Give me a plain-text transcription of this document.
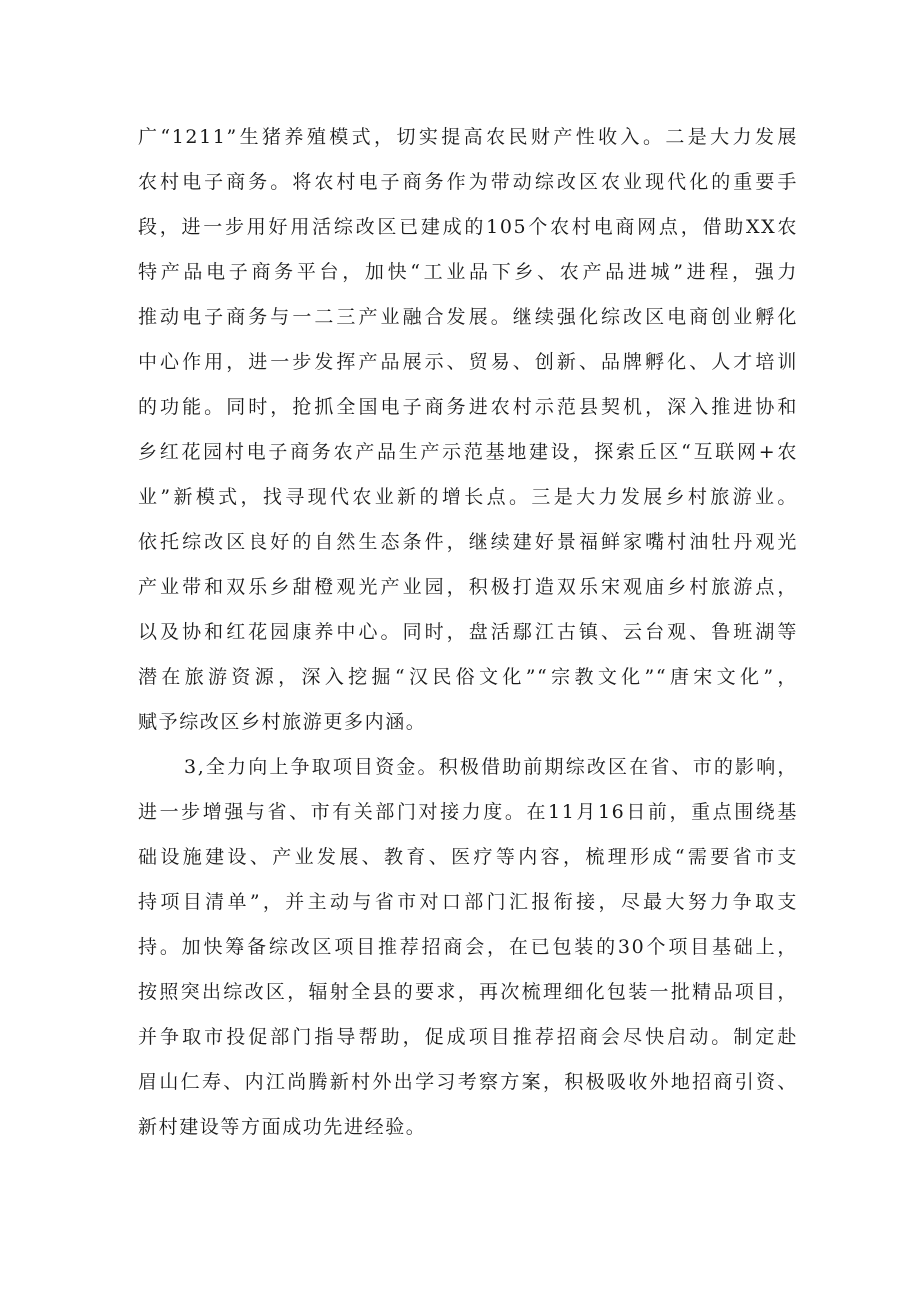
广“1211”生猪养殖模式，切实提高农民财产性收入。二是大力发展
农村电子商务。将农村电子商务作为带动综改区农业现代化的重要手
段，进一步用好用活综改区已建成的105个农村电商网点，借助XX农
特产品电子商务平台，加快“工业品下乡、农产品进城”进程，强力
推动电子商务与一二三产业融合发展。继续强化综改区电商创业孵化
中心作用，进一步发挥产品展示、贸易、创新、品牌孵化、人才培训
的功能。同时，抢抓全国电子商务进农村示范县契机，深入推进协和
乡红花园村电子商务农产品生产示范基地建设，探索丘区“互联网+农
业”新模式，找寻现代农业新的增长点。三是大力发展乡村旅游业。
依托综改区良好的自然生态条件，继续建好景福鲜家嘴村油牡丹观光
产业带和双乐乡甜橙观光产业园，积极打造双乐宋观庙乡村旅游点，
以及协和红花园康养中心。同时，盘活鄢江古镇、云台观、鲁班湖等
潜在旅游资源，深入挖掘“汉民俗文化”“宗教文化”“唐宋文化”，
赋予综改区乡村旅游更多内涵。
3,全力向上争取项目资金。积极借助前期综改区在省、市的影响，
进一步增强与省、市有关部门对接力度。在11月16日前，重点围绕基
础设施建设、产业发展、教育、医疗等内容，梳理形成“需要省市支
持项目清单”，并主动与省市对口部门汇报衔接，尽最大努力争取支
持。加快筹备综改区项目推荐招商会，在已包装的30个项目基础上，
按照突出综改区，辐射全县的要求，再次梳理细化包装一批精品项目，
并争取市投促部门指导帮助，促成项目推荐招商会尽快启动。制定赴
眉山仁寿、内江尚腾新村外出学习考察方案，积极吸收外地招商引资、
新村建设等方面成功先进经验。
